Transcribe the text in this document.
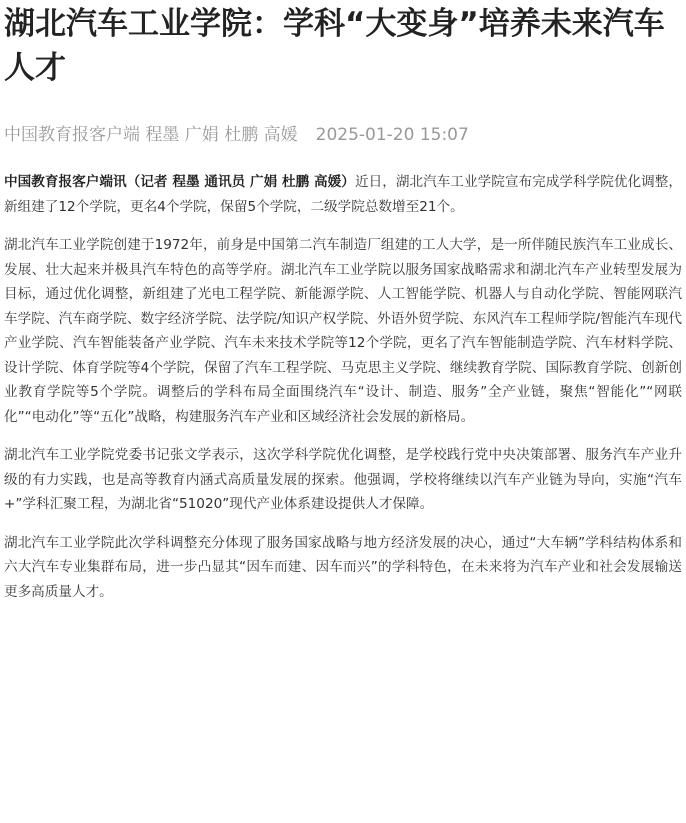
湖北汽车工业学院：学科“大变身”培养未来汽车人才
中国教育报客户端 程墨 广娟 杜鹏 高媛 2025-01-20 15:07

中国教育报客户端讯（记者 程墨 通讯员 广娟 杜鹏 高媛）近日，湖北汽车工业学院宣布完成学科学院优化调整，新组建了12个学院，更名4个学院，保留5个学院，二级学院总数增至21个。

湖北汽车工业学院创建于1972年，前身是中国第二汽车制造厂组建的工人大学，是一所伴随民族汽车工业成长、发展、壮大起来并极具汽车特色的高等学府。湖北汽车工业学院以服务国家战略需求和湖北汽车产业转型发展为目标，通过优化调整，新组建了光电工程学院、新能源学院、人工智能学院、机器人与自动化学院、智能网联汽车学院、汽车商学院、数字经济学院、法学院/知识产权学院、外语外贸学院、东风汽车工程师学院/智能汽车现代产业学院、汽车智能装备产业学院、汽车未来技术学院等12个学院，更名了汽车智能制造学院、汽车材料学院、设计学院、体育学院等4个学院，保留了汽车工程学院、马克思主义学院、继续教育学院、国际教育学院、创新创业教育学院等5个学院。调整后的学科布局全面围绕汽车“设计、制造、服务”全产业链，聚焦“智能化”“网联化”“电动化”等“五化”战略，构建服务汽车产业和区域经济社会发展的新格局。

湖北汽车工业学院党委书记张文学表示，这次学科学院优化调整，是学校践行党中央决策部署、服务汽车产业升级的有力实践，也是高等教育内涵式高质量发展的探索。他强调，学校将继续以汽车产业链为导向，实施“汽车+”学科汇聚工程，为湖北省“51020”现代产业体系建设提供人才保障。

湖北汽车工业学院此次学科调整充分体现了服务国家战略与地方经济发展的决心，通过“大车辆”学科结构体系和六大汽车专业集群布局，进一步凸显其“因车而建、因车而兴”的学科特色，在未来将为汽车产业和社会发展输送更多高质量人才。
